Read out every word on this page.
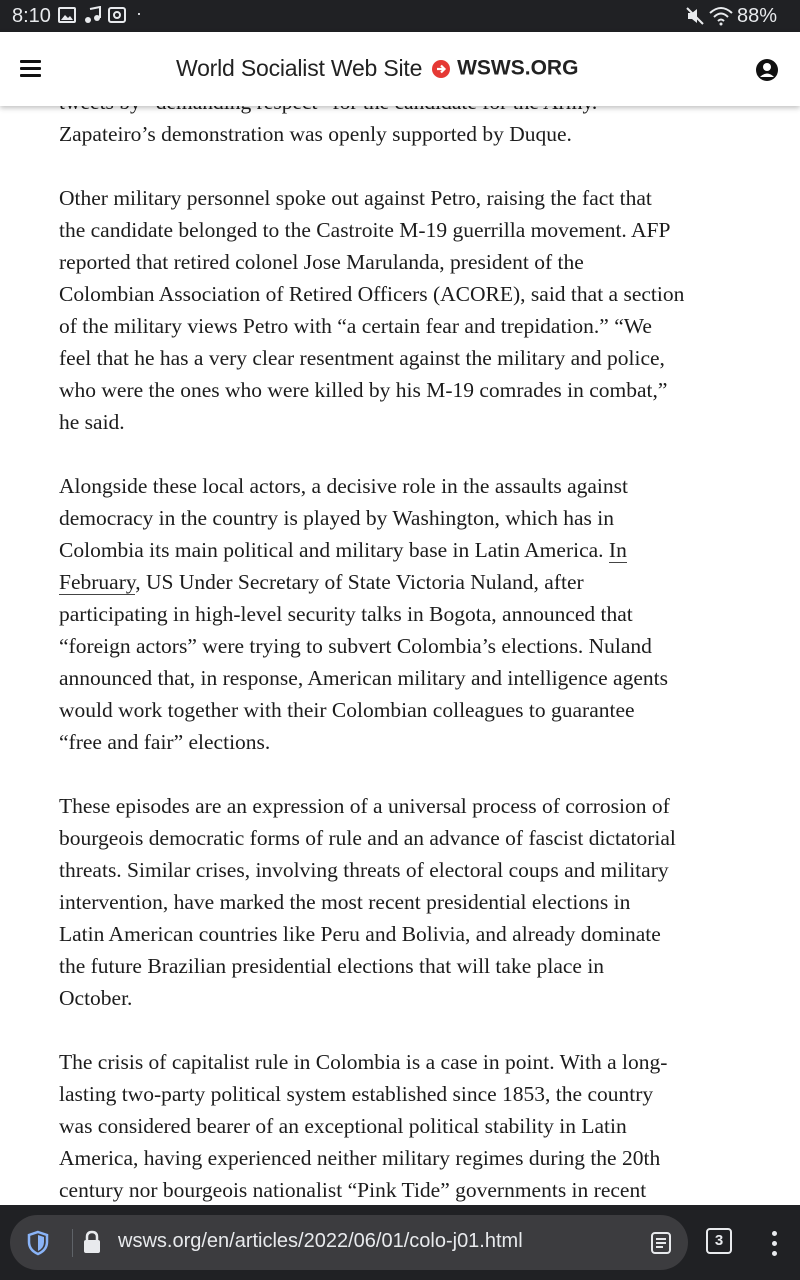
8:10	·	88%
World Socialist Web Site WSWS.ORG

Zapateiro’s demonstration was openly supported by Duque.

Other military personnel spoke out against Petro, raising the fact that
the candidate belonged to the Castroite M-19 guerrilla movement. AFP
reported that retired colonel Jose Marulanda, president of the
Colombian Association of Retired Officers (ACORE), said that a section
of the military views Petro with “a certain fear and trepidation.” “We
feel that he has a very clear resentment against the military and police,
who were the ones who were killed by his M-19 comrades in combat,”
he said.

Alongside these local actors, a decisive role in the assaults against
democracy in the country is played by Washington, which has in
Colombia its main political and military base in Latin America. In
February, US Under Secretary of State Victoria Nuland, after
participating in high-level security talks in Bogota, announced that
“foreign actors” were trying to subvert Colombia’s elections. Nuland
announced that, in response, American military and intelligence agents
would work together with their Colombian colleagues to guarantee
“free and fair” elections.

These episodes are an expression of a universal process of corrosion of
bourgeois democratic forms of rule and an advance of fascist dictatorial
threats. Similar crises, involving threats of electoral coups and military
intervention, have marked the most recent presidential elections in
Latin American countries like Peru and Bolivia, and already dominate
the future Brazilian presidential elections that will take place in
October.

The crisis of capitalist rule in Colombia is a case in point. With a long-
lasting two-party political system established since 1853, the country
was considered bearer of an exceptional political stability in Latin
America, having experienced neither military regimes during the 20th
century nor bourgeois nationalist “Pink Tide” governments in recent

wsws.org/en/articles/2022/06/01/colo-j01.html	3
